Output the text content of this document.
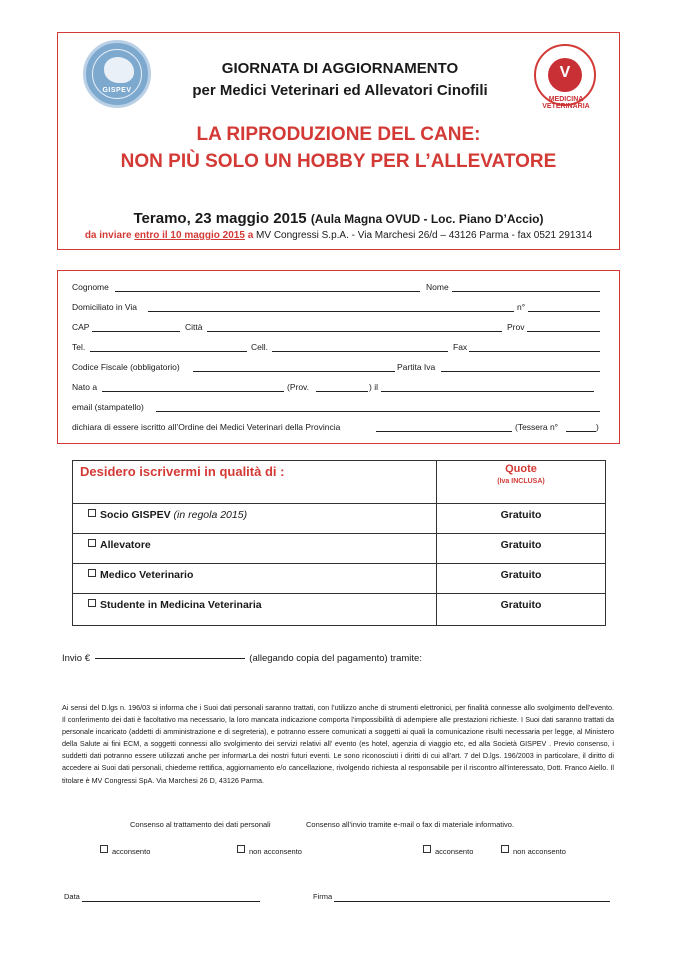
GISPEV
V
MEDICINA VETERINARIA
GIORNATA DI AGGIORNAMENTO
per Medici Veterinari ed Allevatori Cinofili
LA RIPRODUZIONE DEL CANE:
NON PIÙ SOLO UN HOBBY PER L’ALLEVATORE
Teramo, 23 maggio 2015 (Aula Magna OVUD - Loc. Piano D’Accio)
da inviare entro il 10 maggio 2015 a MV Congressi S.p.A. - Via Marchesi 26/d – 43126 Parma - fax 0521 291314
Cognome	Nome
Domiciliato in Via	n°
CAP	Città	Prov
Tel.	Cell.	Fax
Codice Fiscale (obbligatorio)	Partita Iva
Nato a	(Prov.	) il
email (stampatello)
dichiara di essere iscritto all’Ordine dei Medici Veterinari della Provincia	(Tessera n°	)
Desidero iscrivermi in qualità di :	Quote
(Iva INCLUSA)
Socio GISPEV (in regola 2015)	Gratuito
Allevatore	Gratuito
Medico Veterinario	Gratuito
Studente in Medicina Veterinaria	Gratuito
Invio €	(allegando copia del pagamento) tramite:
Ai sensi del D.lgs n. 196/03 si informa che i Suoi dati personali saranno trattati, con l’utilizzo anche di strumenti elettronici, per finalità connesse allo svolgimento dell’evento. Il conferimento dei dati è facoltativo ma necessario, la loro mancata indicazione comporta l’impossibilità di adempiere alle prestazioni richieste. I Suoi dati saranno trattati da personale incaricato (addetti di amministrazione e di segreteria), e potranno essere comunicati a soggetti ai quali la comunicazione risulti necessaria per legge, al Ministero della Salute ai fini ECM, a soggetti connessi allo svolgimento dei servizi relativi all’ evento (es hotel, agenzia di viaggio etc, ed alla Società GISPEV . Previo consenso, i suddetti dati potranno essere utilizzati anche per informarLa dei nostri futuri eventi. Le sono riconosciuti i diritti di cui all’art. 7 del D.lgs. 196/2003 in particolare, il diritto di accedere ai Suoi dati personali, chiederne rettifica, aggiornamento e/o cancellazione, rivolgendo richiesta al responsabile per il riscontro all’interessato, Dott. Franco Aiello. Il titolare è MV Congressi SpA. Via Marchesi 26 D, 43126 Parma.
Consenso al trattamento dei dati personali	Consenso all’invio tramite e-mail o fax di materiale informativo.
acconsento	non acconsento	acconsento	non acconsento
Data	Firma
